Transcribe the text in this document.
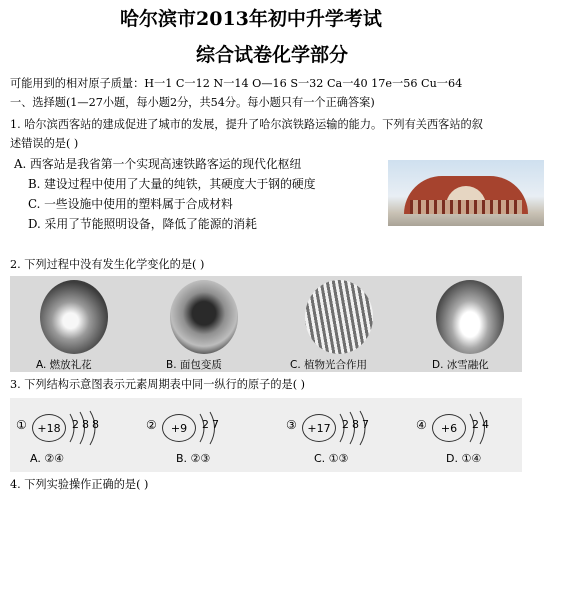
哈尔滨市2013年初中升学考试
综合试卷化学部分
可能用到的相对原子质量：H一1 C一12 N一14 O—16 S一32 Ca一40 17e一56 Cu一64
一、选择题(1—27小题，每小题2分，共54分。每小题只有一个正确答案)
1. 哈尔滨西客站的建成促进了城市的发展，提升了哈尔滨铁路运输的能力。下列有关西客站的叙
述错误的是( )
A. 西客站是我省第一个实现高速铁路客运的现代化枢纽
B. 建设过程中使用了大量的纯铁，其硬度大于钢的硬度
C. 一些设施中使用的塑料属于合成材料
D. 采用了节能照明设备，降低了能源的消耗
2. 下列过程中没有发生化学变化的是( )
A. 燃放礼花	B. 面包变质	C. 植物光合作用	D. 冰雪融化
3. 下列结构示意图表示元素周期表中同一纵行的原子的是( )
① +18	288	②	+9	27	③ +17	287	④	+6	24
A. ②④	B. ②③	C. ①③	D. ①④
4. 下列实验操作正确的是( )
